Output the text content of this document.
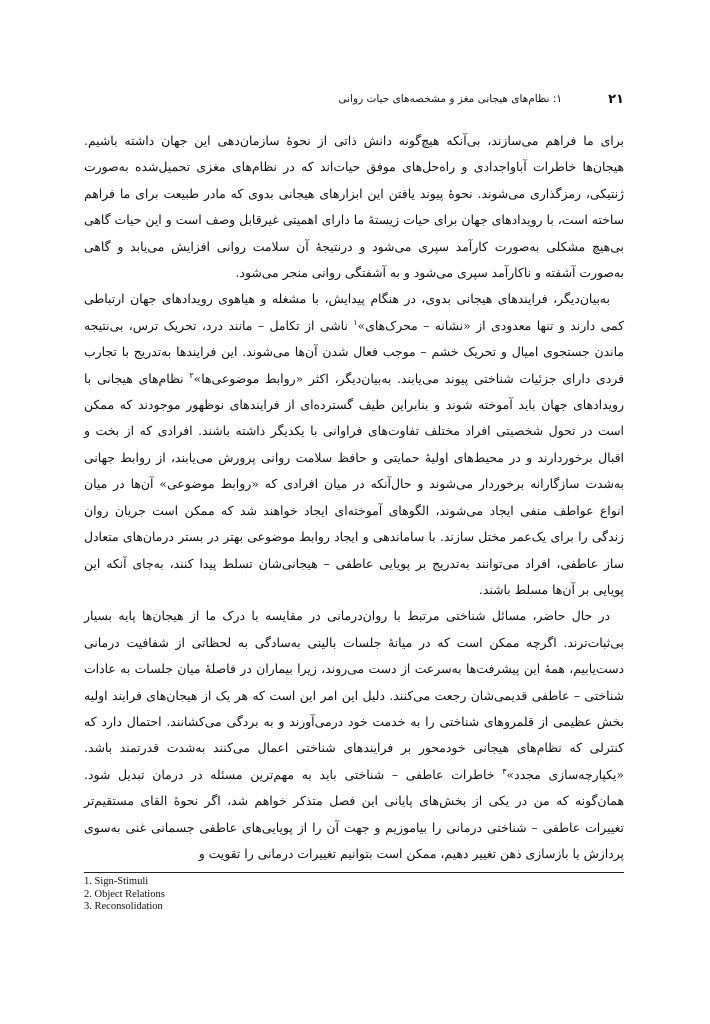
۲۱
۱: نظام‌های هیجانی مغز و مشخصه‌های حیات روانی

برای ما فراهم می‌سازند، بی‌آنکه هیچ‌گونه دانش ذاتی از نحوهٔ سازمان‌دهی این جهان داشته باشیم. هیجان‌ها خاطرات آباواجدادی و راه‌حل‌های موفق حیات‌اند که در نظام‌های مغزی تحمیل‌شده به‌صورت ژنتیکی، رمزگذاری می‌شوند. نحوهٔ پیوند یافتن این ابزارهای هیجانی بدوی که مادر طبیعت برای ما فراهم ساخته است، با رویدادهای جهان برای حیات زیستهٔ ما دارای اهمیتی غیرقابل وصف است و این حیات گاهی بی‌هیچ مشکلی به‌صورت کارآمد سپری می‌شود و درنتیجهٔ آن سلامت روانی افزایش می‌یابد و گاهی به‌صورت آشفته و ناکارآمد سپری می‌شود و به آشفتگی روانی منجر می‌شود.

به‌بیان‌دیگر، فرایندهای هیجانی بدوی، در هنگام پیدایش، با مشغله و هیاهوی رویدادهای جهان ارتباطی کمی دارند و تنها معدودی از «نشانه – محرک‌های»$^۱$ ناشی از تکامل – مانند درد، تحریک ترس، بی‌نتیجه ماندن جستجوی امیال و تحریک خشم – موجب فعال شدن آن‌ها می‌شوند. این فرایندها به‌تدریج با تجارب فردی دارای جزئیات شناختی پیوند می‌یابند. به‌بیان‌دیگر، اکثر «روابط موضوعی‌ها»$^۲$ نظام‌های هیجانی با رویدادهای جهان باید آموخته شوند و بنابراین طیف گسترده‌ای از فرایندهای نوظهور موجودند که ممکن است در تحول شخصیتی افراد مختلف تفاوت‌های فراوانی با یکدیگر داشته باشند. افرادی که از بخت و اقبال برخوردارند و در محیط‌های اولیهٔ حمایتی و حافظ سلامت روانی پرورش می‌یابند، از روابط جهانی به‌شدت سازگارانه برخوردار می‌شوند و حال‌آنکه در میان افرادی که «روابط موضوعی» آن‌ها در میان انواع عواطف منفی ایجاد می‌شوند، الگوهای آموخته‌ای ایجاد خواهند شد که ممکن است جریان روان زندگی را برای یک‌عمر مختل سازند. با ساماندهی و ایجاد روابط موضوعی بهتر در بستر درمان‌های متعادل ساز عاطفی، افراد می‌توانند به‌تدریج بر پویایی عاطفی – هیجانی‌شان تسلط پیدا کنند، به‌جای آنکه این پویایی بر آن‌ها مسلط باشند.

در حال حاضر، مسائل شناختی مرتبط با روان‌درمانی در مقایسه با درک ما از هیجان‌ها پایه بسیار بی‌ثبات‌ترند. اگرچه ممکن است که در میانهٔ جلسات بالینی به‌سادگی به لحظاتی از شفافیت درمانی دست‌یابیم، همهٔ این پیشرفت‌ها به‌سرعت از دست می‌روند، زیرا بیماران در فاصلهٔ میان جلسات به عادات شناختی – عاطفی قدیمی‌شان رجعت می‌کنند. دلیل این امر این است که هر یک از هیجان‌های فرایند اولیه بخش عظیمی از قلمروهای شناختی را به خدمت خود درمی‌آورند و به بردگی می‌کشانند. احتمال دارد که کنترلی که نظام‌های هیجانی خودمحور بر فرایندهای شناختی اعمال می‌کنند به‌شدت قدرتمند باشد. «یکپارچه‌سازی مجدد»$^۳$ خاطرات عاطفی – شناختی باید به مهم‌ترین مسئله در درمان تبدیل شود. همان‌گونه که من در یکی از بخش‌های پایانی این فصل متذکر خواهم شد، اگر نحوهٔ القای مستقیم‌تر تغییرات عاطفی – شناختی درمانی را بیاموزیم و جهت آن را از پویایی‌های عاطفی جسمانی غنی به‌سوی پردازش یا بازسازی ذهن تغییر دهیم، ممکن است بتوانیم تغییرات درمانی را تقویت و

1. Sign-Stimuli
2. Object Relations
3. Reconsolidation
